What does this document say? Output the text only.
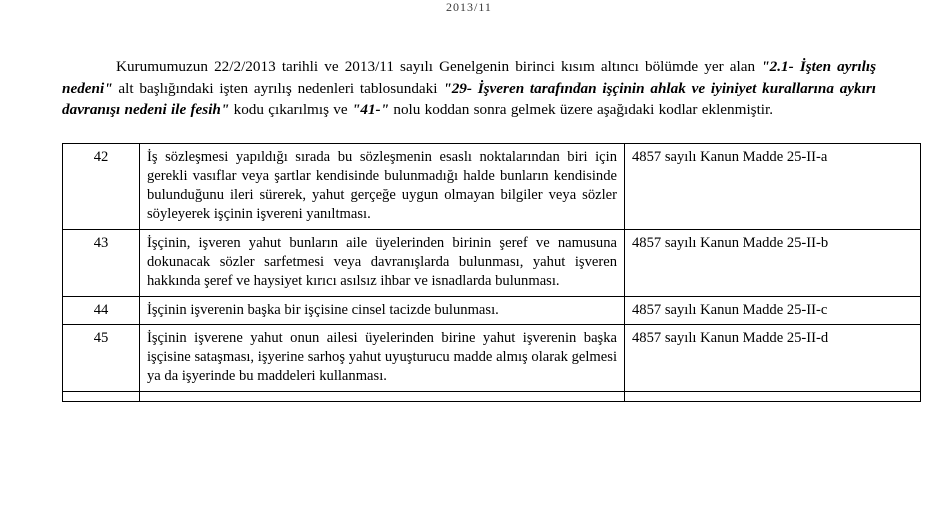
2013/11

Kurumumuzun 22/2/2013 tarihli ve 2013/11 sayılı Genelgenin birinci kısım altıncı bölümde yer alan "2.1- İşten ayrılış nedeni" alt başlığındaki işten ayrılış nedenleri tablosundaki "29- İşveren tarafından işçinin ahlak ve iyiniyet kurallarına aykırı davranışı nedeni ile fesih" kodu çıkarılmış ve "41-" nolu koddan sonra gelmek üzere aşağıdaki kodlar eklenmiştir.

42	İş sözleşmesi yapıldığı sırada bu sözleşmenin esaslı noktalarından biri için gerekli vasıflar veya şartlar kendisinde bulunmadığı halde bunların kendisinde bulunduğunu ileri sürerek, yahut gerçeğe uygun olmayan bilgiler veya sözler söyleyerek işçinin işvereni yanıltması.	4857 sayılı Kanun Madde 25-II-a
43	İşçinin, işveren yahut bunların aile üyelerinden birinin şeref ve namusuna dokunacak sözler sarfetmesi veya davranışlarda bulunması, yahut işveren hakkında şeref ve haysiyet kırıcı asılsız ihbar ve isnadlarda bulunması.	4857 sayılı Kanun Madde 25-II-b
44	İşçinin işverenin başka bir işçisine cinsel tacizde bulunması.	4857 sayılı Kanun Madde 25-II-c
45	İşçinin işverene yahut onun ailesi üyelerinden birine yahut işverenin başka işçisine sataşması, işyerine sarhoş yahut uyuşturucu madde almış olarak gelmesi ya da işyerinde bu maddeleri kullanması.	4857 sayılı Kanun Madde 25-II-d
